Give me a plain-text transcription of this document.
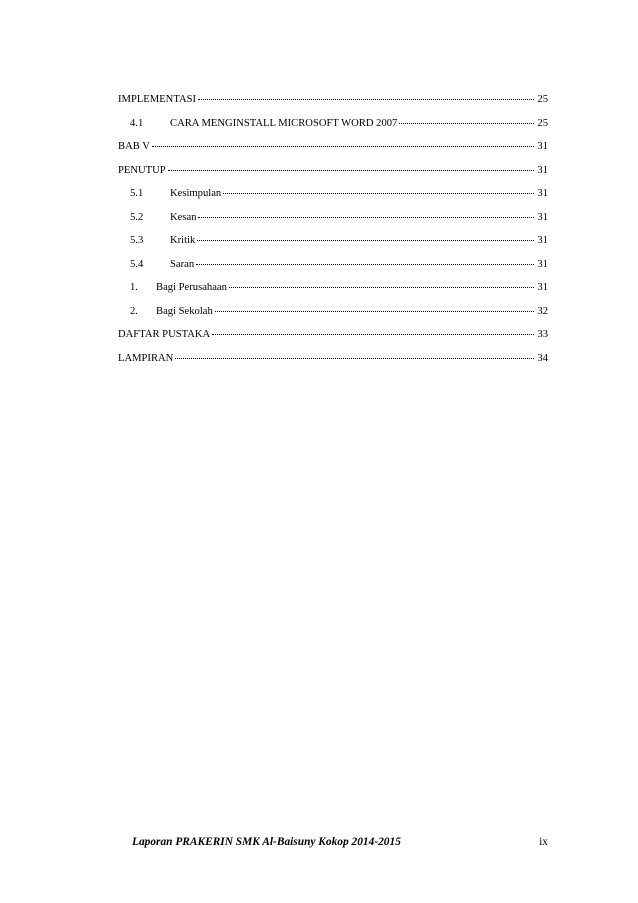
IMPLEMENTASI	25
4.1	CARA MENGINSTALL MICROSOFT WORD 2007	25
BAB V	31
PENUTUP	31
5.1	Kesimpulan	31
5.2	Kesan	31
5.3	Kritik	31
5.4	Saran	31
1.	Bagi Perusahaan	31
2.	Bagi Sekolah	32
DAFTAR PUSTAKA	33
LAMPIRAN	34
Laporan PRAKERIN SMK Al-Baisuny Kokop 2014-2015	ix
